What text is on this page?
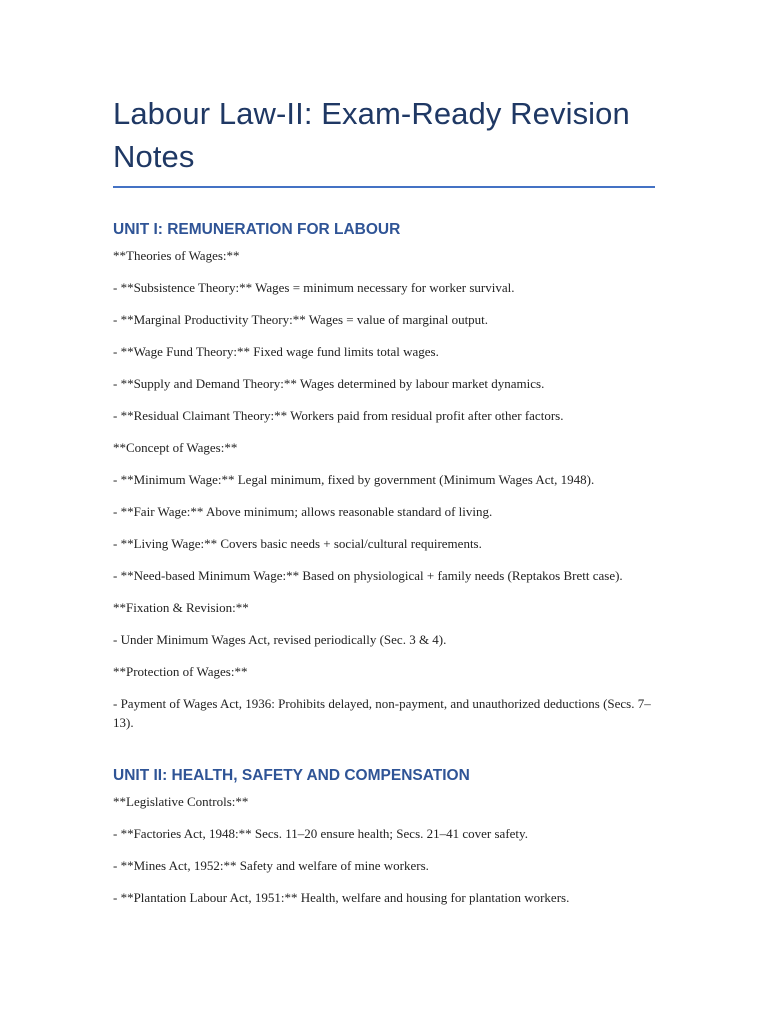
Labour Law-II: Exam-Ready Revision Notes
UNIT I: REMUNERATION FOR LABOUR

**Theories of Wages:**

- **Subsistence Theory:** Wages = minimum necessary for worker survival.

- **Marginal Productivity Theory:** Wages = value of marginal output.

- **Wage Fund Theory:** Fixed wage fund limits total wages.

- **Supply and Demand Theory:** Wages determined by labour market dynamics.

- **Residual Claimant Theory:** Workers paid from residual profit after other factors.

**Concept of Wages:**

- **Minimum Wage:** Legal minimum, fixed by government (Minimum Wages Act, 1948).

- **Fair Wage:** Above minimum; allows reasonable standard of living.

- **Living Wage:** Covers basic needs + social/cultural requirements.

- **Need-based Minimum Wage:** Based on physiological + family needs (Reptakos Brett case).

**Fixation & Revision:**

- Under Minimum Wages Act, revised periodically (Sec. 3 & 4).

**Protection of Wages:**

- Payment of Wages Act, 1936: Prohibits delayed, non-payment, and unauthorized deductions (Secs. 7–13).

UNIT II: HEALTH, SAFETY AND COMPENSATION

**Legislative Controls:**

- **Factories Act, 1948:** Secs. 11–20 ensure health; Secs. 21–41 cover safety.

- **Mines Act, 1952:** Safety and welfare of mine workers.

- **Plantation Labour Act, 1951:** Health, welfare and housing for plantation workers.
